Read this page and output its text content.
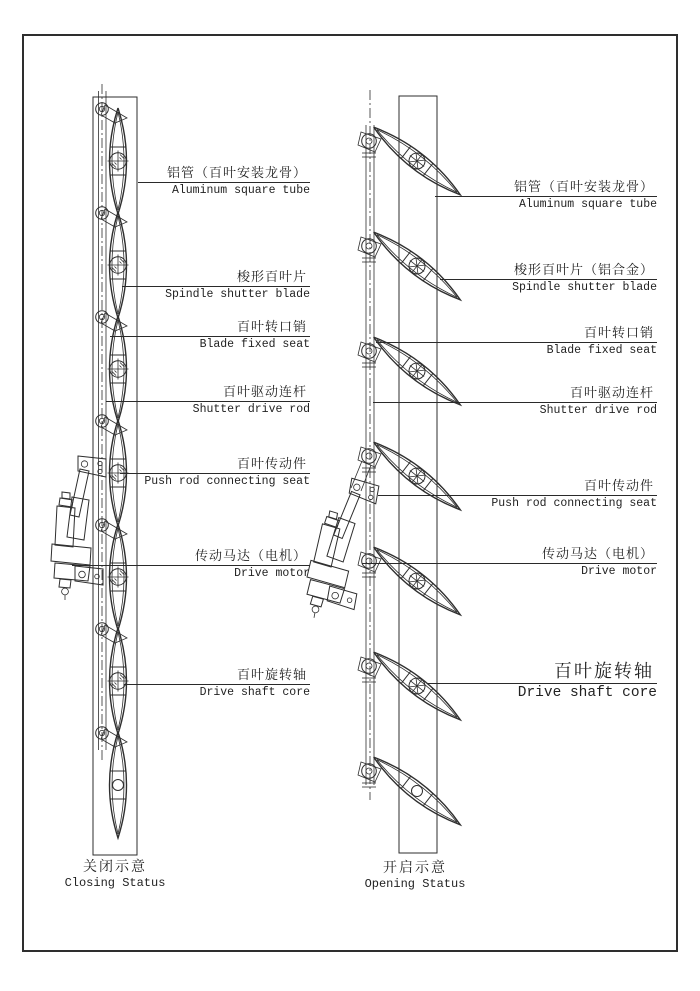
铝管（百叶安装龙骨）
Aluminum square tube
梭形百叶片
Spindle shutter blade
百叶转口销
Blade fixed seat
百叶驱动连杆
Shutter drive rod
百叶传动件
Push rod connecting seat
传动马达（电机）
Drive motor
百叶旋转轴
Drive shaft core
铝管（百叶安装龙骨）
Aluminum square tube
梭形百叶片（铝合金）
Spindle shutter blade
百叶转口销
Blade fixed seat
百叶驱动连杆
Shutter drive rod
百叶传动件
Push rod connecting seat
传动马达（电机）
Drive motor
百叶旋转轴
Drive shaft core
关闭示意
Closing Status
开启示意
Opening Status
